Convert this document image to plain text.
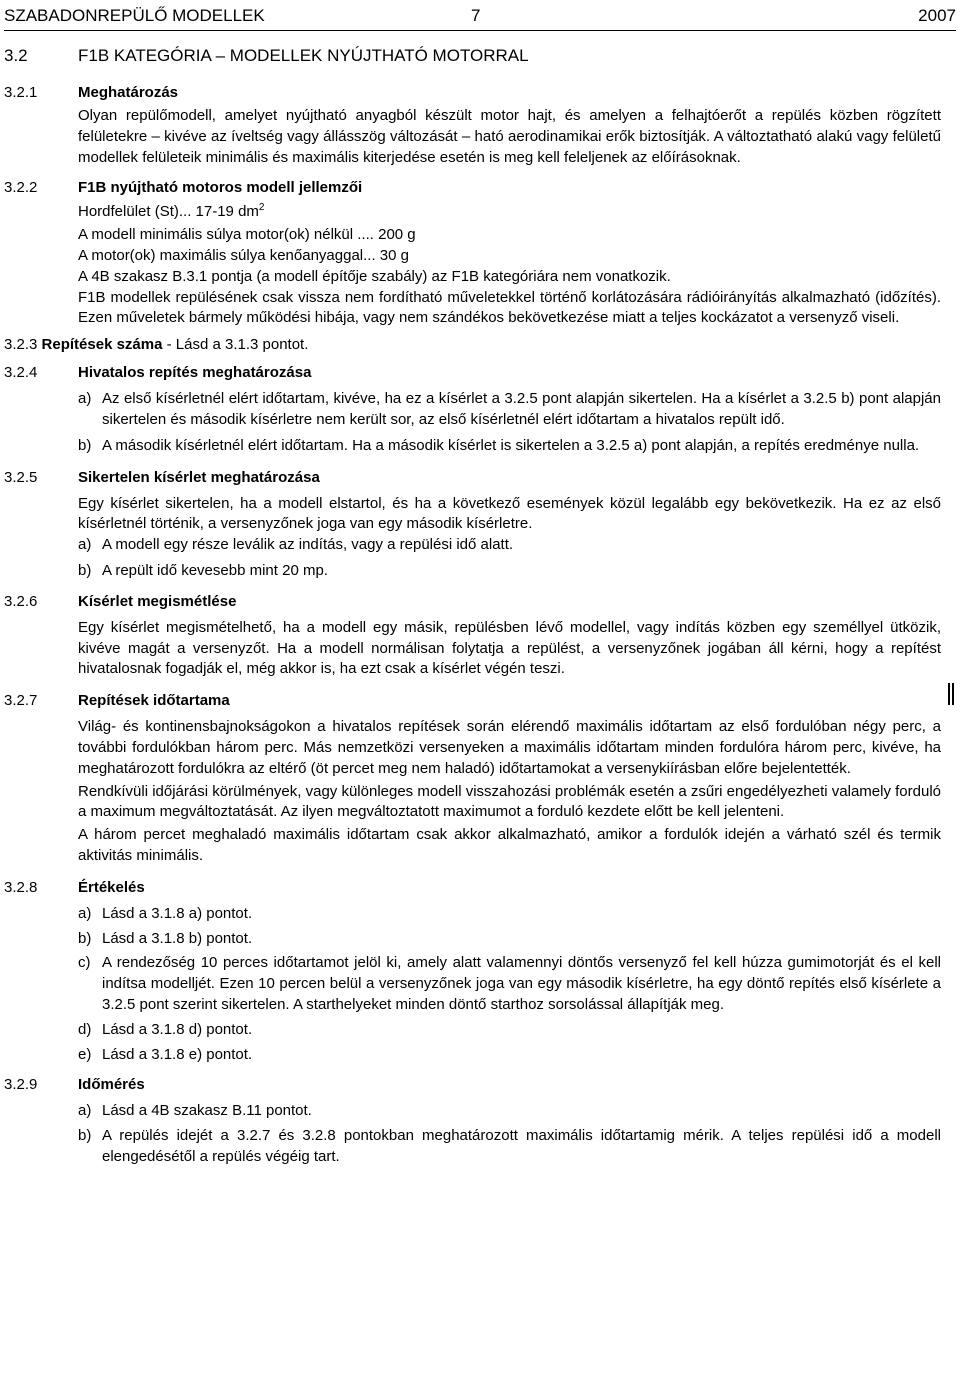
SZABADONREPÜLŐ MODELLEK	7	2007
3.2	F1B KATEGÓRIA – MODELLEK NYÚJTHATÓ MOTORRAL
3.2.1	Meghatározás
Olyan repülőmodell, amelyet nyújtható anyagból készült motor hajt, és amelyen a felhajtóerőt a repülés közben rögzített felületekre – kivéve az íveltség vagy állásszög változását – ható aerodinamikai erők biztosítják. A változtatható alakú vagy felületű modellek felületeik minimális és maximális kiterjedése esetén is meg kell feleljenek az előírásoknak.
3.2.2	F1B nyújtható motoros modell jellemzői
Hordfelület (St)... 17-19 $dm^2$
A modell minimális súlya motor(ok) nélkül .... 200 g
A motor(ok) maximális súlya kenőanyaggal... 30 g
A 4B szakasz B.3.1 pontja (a modell építője szabály) az F1B kategóriára nem vonatkozik.
F1B modellek repülésének csak vissza nem fordítható műveletekkel történő korlátozására rádióirányítás alkalmazható (időzítés). Ezen műveletek bármely működési hibája, vagy nem szándékos bekövetkezése miatt a teljes kockázatot a versenyző viseli.
3.2.3 Repítések száma - Lásd a 3.1.3 pontot.
3.2.4	Hivatalos repítés meghatározása
a) Az első kísérletnél elért időtartam, kivéve, ha ez a kísérlet a 3.2.5 pont alapján sikertelen. Ha a kísérlet a 3.2.5 b) pont alapján sikertelen és második kísérletre nem került sor, az első kísérletnél elért időtartam a hivatalos repült idő.
b) A második kísérletnél elért időtartam. Ha a második kísérlet is sikertelen a 3.2.5 a) pont alapján, a repítés eredménye nulla.
3.2.5	Sikertelen kísérlet meghatározása
Egy kísérlet sikertelen, ha a modell elstartol, és ha a következő események közül legalább egy bekövetkezik. Ha ez az első kísérletnél történik, a versenyzőnek joga van egy második kísérletre.
a) A modell egy része leválik az indítás, vagy a repülési idő alatt.
b) A repült idő kevesebb mint 20 mp.
3.2.6	Kísérlet megismétlése
Egy kísérlet megismételhető, ha a modell egy másik, repülésben lévő modellel, vagy indítás közben egy személlyel ütközik, kivéve magát a versenyzőt. Ha a modell normálisan folytatja a repülést, a versenyzőnek jogában áll kérni, hogy a repítést hivatalosnak fogadják el, még akkor is, ha ezt csak a kísérlet végén teszi.
3.2.7	Repítések időtartama
Világ- és kontinensbajnokságokon a hivatalos repítések során elérendő maximális időtartam az első fordulóban négy perc, a további fordulókban három perc. Más nemzetközi versenyeken a maximális időtartam minden fordulóra három perc, kivéve, ha meghatározott fordulókra az eltérő (öt percet meg nem haladó) időtartamokat a versenykiírásban előre bejelentették.
Rendkívüli időjárási körülmények, vagy különleges modell visszahozási problémák esetén a zsűri engedélyezheti valamely forduló a maximum megváltoztatását. Az ilyen megváltoztatott maximumot a forduló kezdete előtt be kell jelenteni.
A három percet meghaladó maximális időtartam csak akkor alkalmazható, amikor a fordulók idején a várható szél és termik aktivitás minimális.
3.2.8	Értékelés
a) Lásd a 3.1.8 a) pontot.
b) Lásd a 3.1.8 b) pontot.
c) A rendezőség 10 perces időtartamot jelöl ki, amely alatt valamennyi döntős versenyző fel kell húzza gumimotorját és el kell indítsa modelljét. Ezen 10 percen belül a versenyzőnek joga van egy második kísérletre, ha egy döntő repítés első kísérlete a 3.2.5 pont szerint sikertelen. A starthelyeket minden döntő starthoz sorsolással állapítják meg.
d) Lásd a 3.1.8 d) pontot.
e) Lásd a 3.1.8 e) pontot.
3.2.9	Időmérés
a) Lásd a 4B szakasz B.11 pontot.
b) A repülés idejét a 3.2.7 és 3.2.8 pontokban meghatározott maximális időtartamig mérik. A teljes repülési idő a modell elengedésétől a repülés végéig tart.
